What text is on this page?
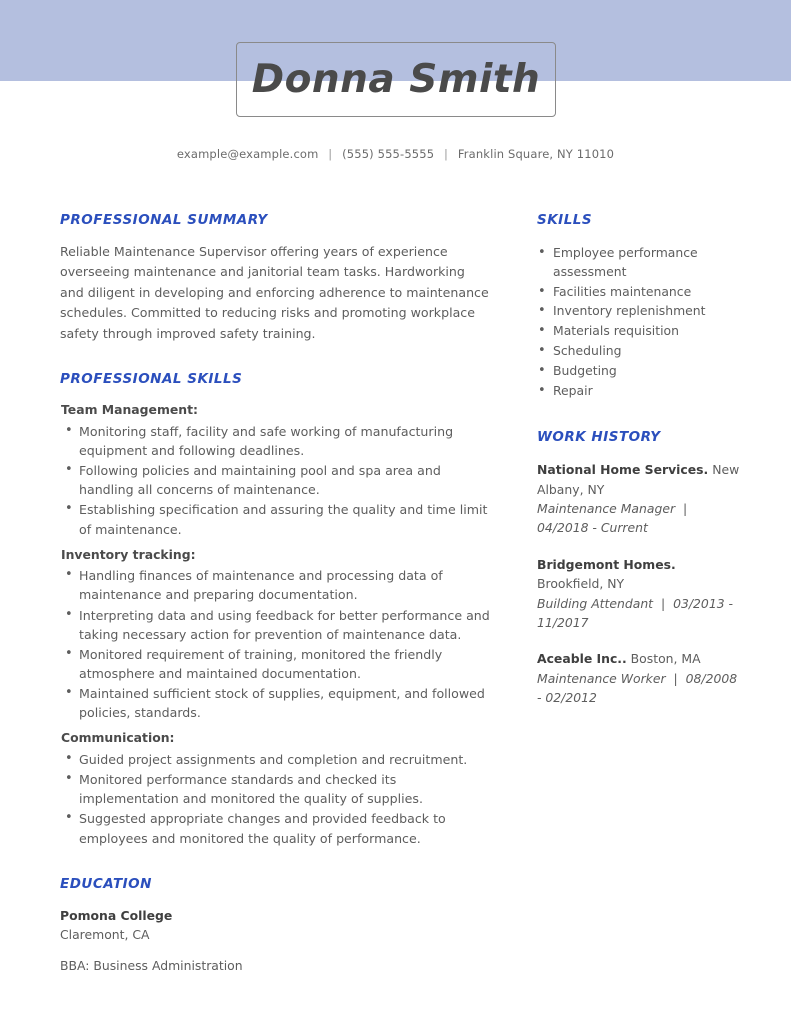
Donna Smith
example@example.com | (555) 555-5555 | Franklin Square, NY 11010
PROFESSIONAL SUMMARY

Reliable Maintenance Supervisor offering years of experience overseeing maintenance and janitorial team tasks. Hardworking and diligent in developing and enforcing adherence to maintenance schedules. Committed to reducing risks and promoting workplace safety through improved safety training.

PROFESSIONAL SKILLS
Team Management:
• Monitoring staff, facility and safe working of manufacturing equipment and following deadlines.
• Following policies and maintaining pool and spa area and handling all concerns of maintenance.
• Establishing specification and assuring the quality and time limit of maintenance.
Inventory tracking:
• Handling finances of maintenance and processing data of maintenance and preparing documentation.
• Interpreting data and using feedback for better performance and taking necessary action for prevention of maintenance data.
• Monitored requirement of training, monitored the friendly atmosphere and maintained documentation.
• Maintained sufficient stock of supplies, equipment, and followed policies, standards.
Communication:
• Guided project assignments and completion and recruitment.
• Monitored performance standards and checked its implementation and monitored the quality of supplies.
• Suggested appropriate changes and provided feedback to employees and monitored the quality of performance.
EDUCATION
Pomona College
Claremont, CA
BBA: Business Administration
SKILLS
• Employee performance assessment
• Facilities maintenance
• Inventory replenishment
• Materials requisition
• Scheduling
• Budgeting
• Repair
WORK HISTORY
National Home Services. New Albany, NY
Maintenance Manager | 04/2018 - Current
Bridgemont Homes. Brookfield, NY
Building Attendant | 03/2013 - 11/2017
Aceable Inc.. Boston, MA
Maintenance Worker | 08/2008 - 02/2012
